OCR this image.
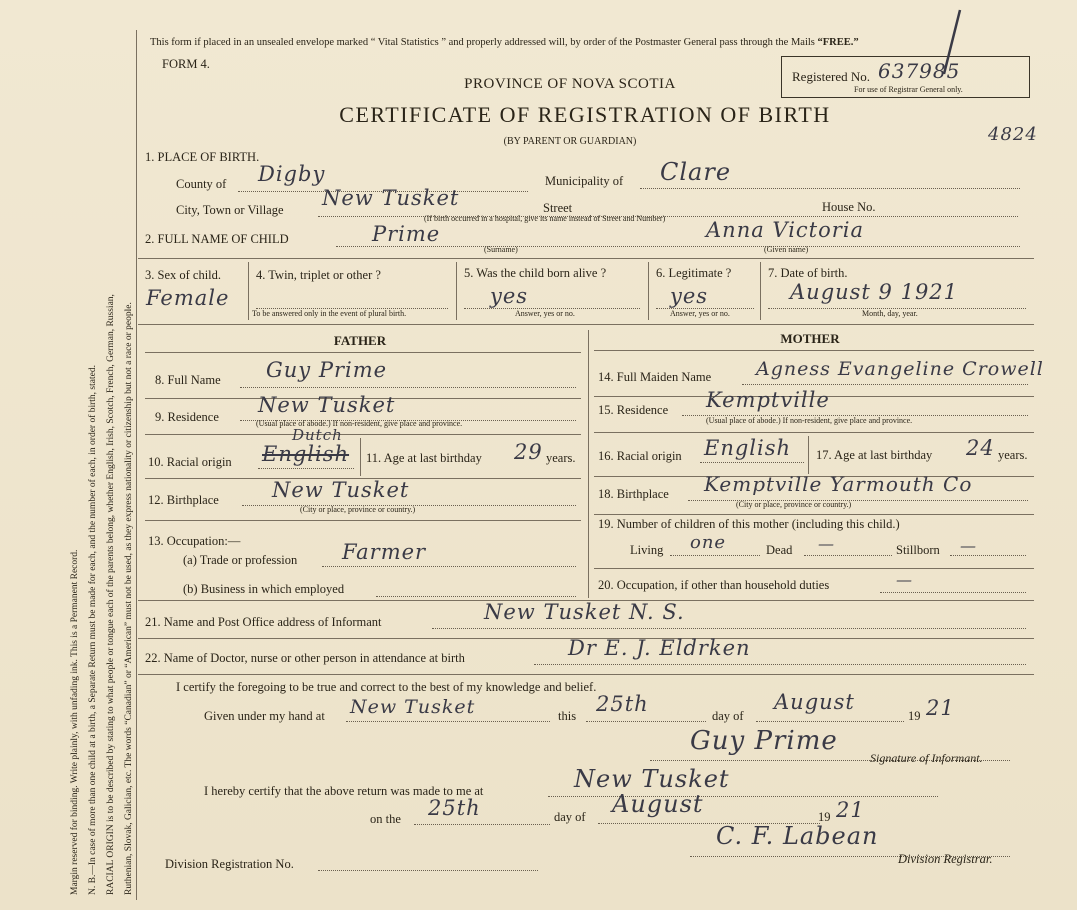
Margin reserved for binding. Write plainly, with unfading ink. This is a Permanent Record. N. B.—In case of more than one child at a birth, a Separate Return must be made for each, and the number of each, in order of birth, stated. RACIAL ORIGIN is to be described by stating to what people or tongue each of the parents belong, whether English, Irish, Scotch, French, German, Russian, Ruthenian, Slovak, Galician, etc. The words “Canadian” or “American” must not be used, as they express nationality or citizenship but not a race or people.
This form if placed in an unsealed envelope marked “ Vital Statistics ” and properly addressed will, by order of the Postmaster General pass through the Mails “FREE.”
FORM 4.
PROVINCE OF NOVA SCOTIA	Registered No. 637985
For use of Registrar General only.
CERTIFICATE OF REGISTRATION OF BIRTH
(BY PARENT OR GUARDIAN)	4824
1. PLACE OF BIRTH.
County of Digby	Municipality of Clare
City, Town or Village New Tusket	Street	House No.
(If birth occurred in a hospital, give its name instead of Street and Number)
2. FULL NAME OF CHILD	Prime	Anna Victoria
(Surname)	(Given name)
3. Sex of child.
Female
4. Twin, triplet or other ?
To be answered only in the event of plural birth.
5. Was the child born alive ?
yes
Answer, yes or no.
6. Legitimate ?
yes
Answer, yes or no.
7. Date of birth.
August 9 1921
Month, day, year.
FATHER	MOTHER
8. Full Name Guy Prime
9. Residence New Tusket
(Usual place of abode.) If non-resident, give place and province.
10. Racial origin English
Dutch
11. Age at last birthday 29 years.
12. Birthplace	New Tusket
(City or place, province or country.)
13. Occupation:—
(a) Trade or profession Farmer
(b) Business in which employed
14. Full Maiden Name Agness Evangeline Crowell
15. Residence Kemptville
(Usual place of abode.) If non-resident, give place and province.
16. Racial origin English 17. Age at last birthday 24 years.
18. Birthplace Kemptville Yarmouth Co
(City or place, province or country.)
19. Number of children of this mother (including this child.)
Living one	Dead —	Stillborn —
20. Occupation, if other than household duties	—
21. Name and Post Office address of Informant	New Tusket N. S.
22. Name of Doctor, nurse or other person in attendance at birth	Dr E. J. Eldrken
I certify the foregoing to be true and correct to the best of my knowledge and belief.
Given under my hand at New Tusket	this 25th	day of
August
19 21
Guy Prime
Signature of Informant.
I hereby certify that the above return was made to me at	New Tusket
on the 25th	day of August	19 21
C. F. Labean
Division Registration No.	Division Registrar.
